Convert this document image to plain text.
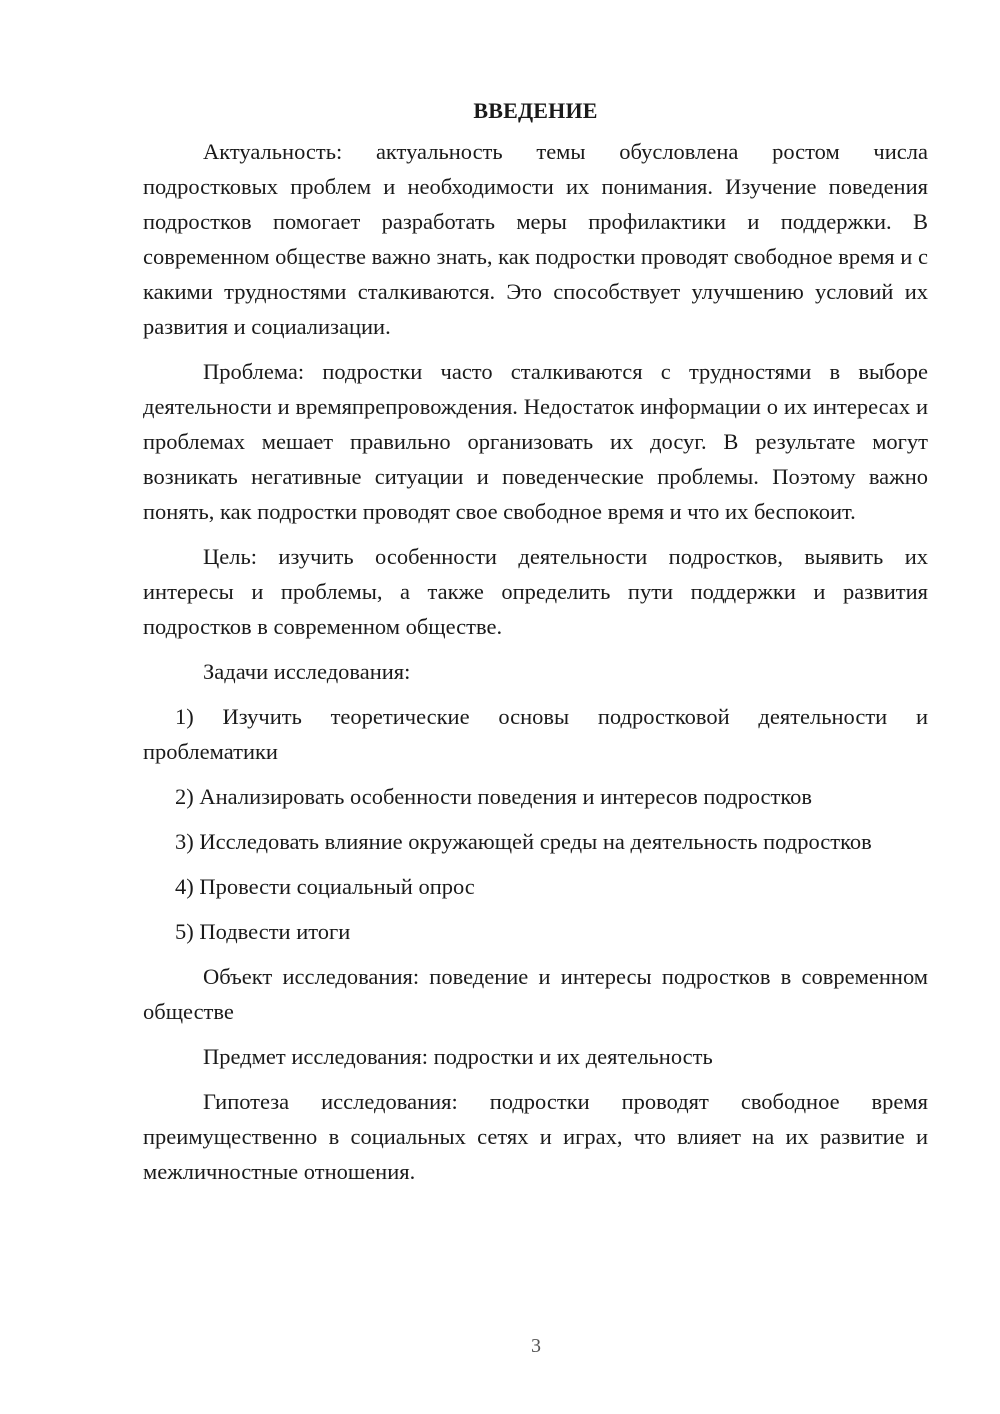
ВВЕДЕНИЕ

Актуальность: актуальность темы обусловлена ростом числа подростковых проблем и необходимости их понимания. Изучение поведения подростков помогает разработать меры профилактики и поддержки. В современном обществе важно знать, как подростки проводят свободное время и с какими трудностями сталкиваются. Это способствует улучшению условий их развития и социализации.

Проблема: подростки часто сталкиваются с трудностями в выборе деятельности и времяпрепровождения. Недостаток информации о их интересах и проблемах мешает правильно организовать их досуг. В результате могут возникать негативные ситуации и поведенческие проблемы. Поэтому важно понять, как подростки проводят свое свободное время и что их беспокоит.

Цель: изучить особенности деятельности подростков, выявить их интересы и проблемы, а также определить пути поддержки и развития подростков в современном обществе.

Задачи исследования:

1) Изучить теоретические основы подростковой деятельности и проблематики

2) Анализировать особенности поведения и интересов подростков

3) Исследовать влияние окружающей среды на деятельность подростков

4) Провести социальный опрос

5) Подвести итоги

Объект исследования: поведение и интересы подростков в современном обществе

Предмет исследования: подростки и их деятельность

Гипотеза исследования: подростки проводят свободное время преимущественно в социальных сетях и играх, что влияет на их развитие и межличностные отношения.

3
